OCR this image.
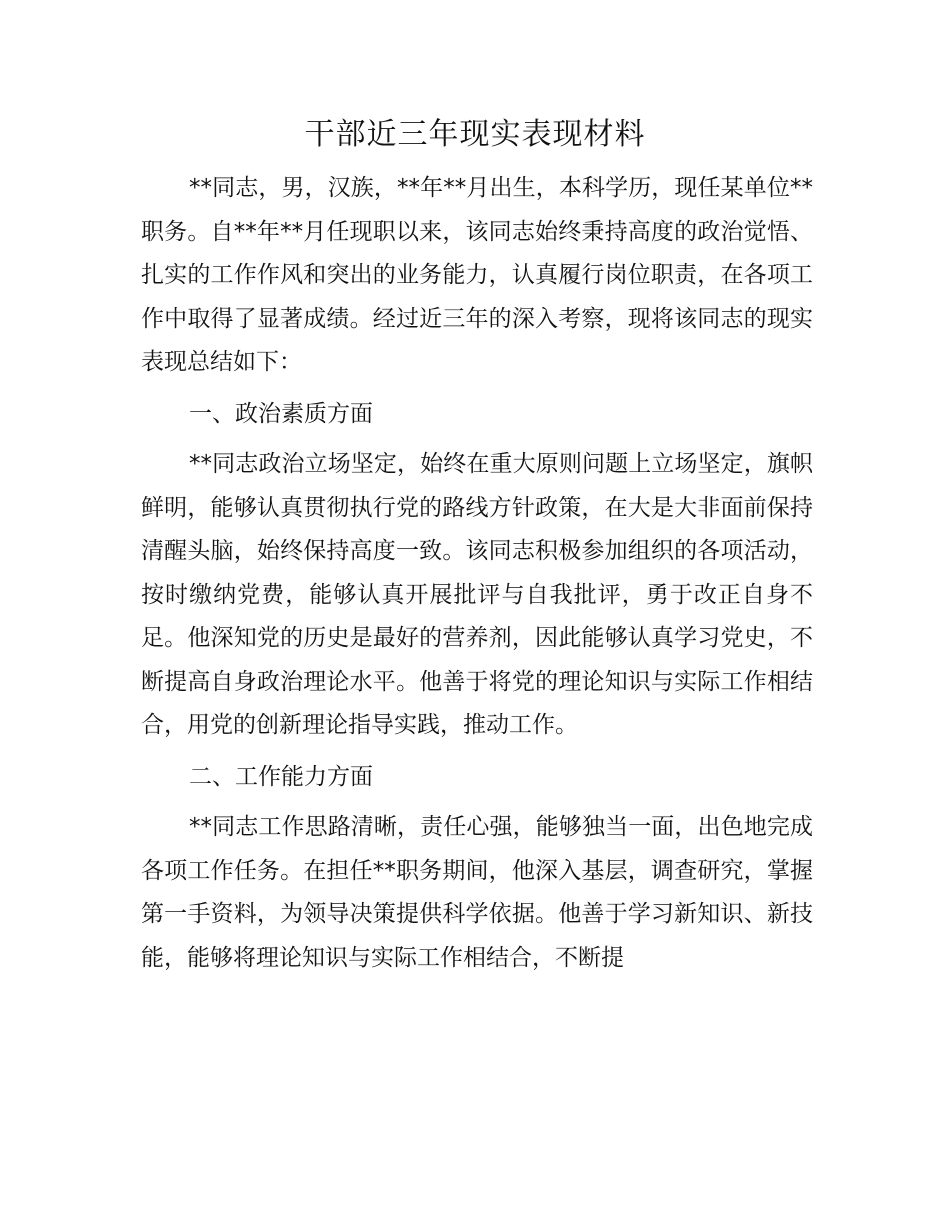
干部近三年现实表现材料

**同志，男，汉族，**年**月出生，本科学历，现任某单位**职务。自**年**月任现职以来，该同志始终秉持高度的政治觉悟、扎实的工作作风和突出的业务能力，认真履行岗位职责，在各项工作中取得了显著成绩。经过近三年的深入考察，现将该同志的现实表现总结如下：

一、政治素质方面

**同志政治立场坚定，始终在重大原则问题上立场坚定，旗帜鲜明，能够认真贯彻执行党的路线方针政策，在大是大非面前保持清醒头脑，始终保持高度一致。该同志积极参加组织的各项活动，按时缴纳党费，能够认真开展批评与自我批评，勇于改正自身不足。他深知党的历史是最好的营养剂，因此能够认真学习党史，不断提高自身政治理论水平。他善于将党的理论知识与实际工作相结合，用党的创新理论指导实践，推动工作。

二、工作能力方面

**同志工作思路清晰，责任心强，能够独当一面，出色地完成各项工作任务。在担任**职务期间，他深入基层，调查研究，掌握第一手资料，为领导决策提供科学依据。他善于学习新知识、新技能，能够将理论知识与实际工作相结合，不断提
